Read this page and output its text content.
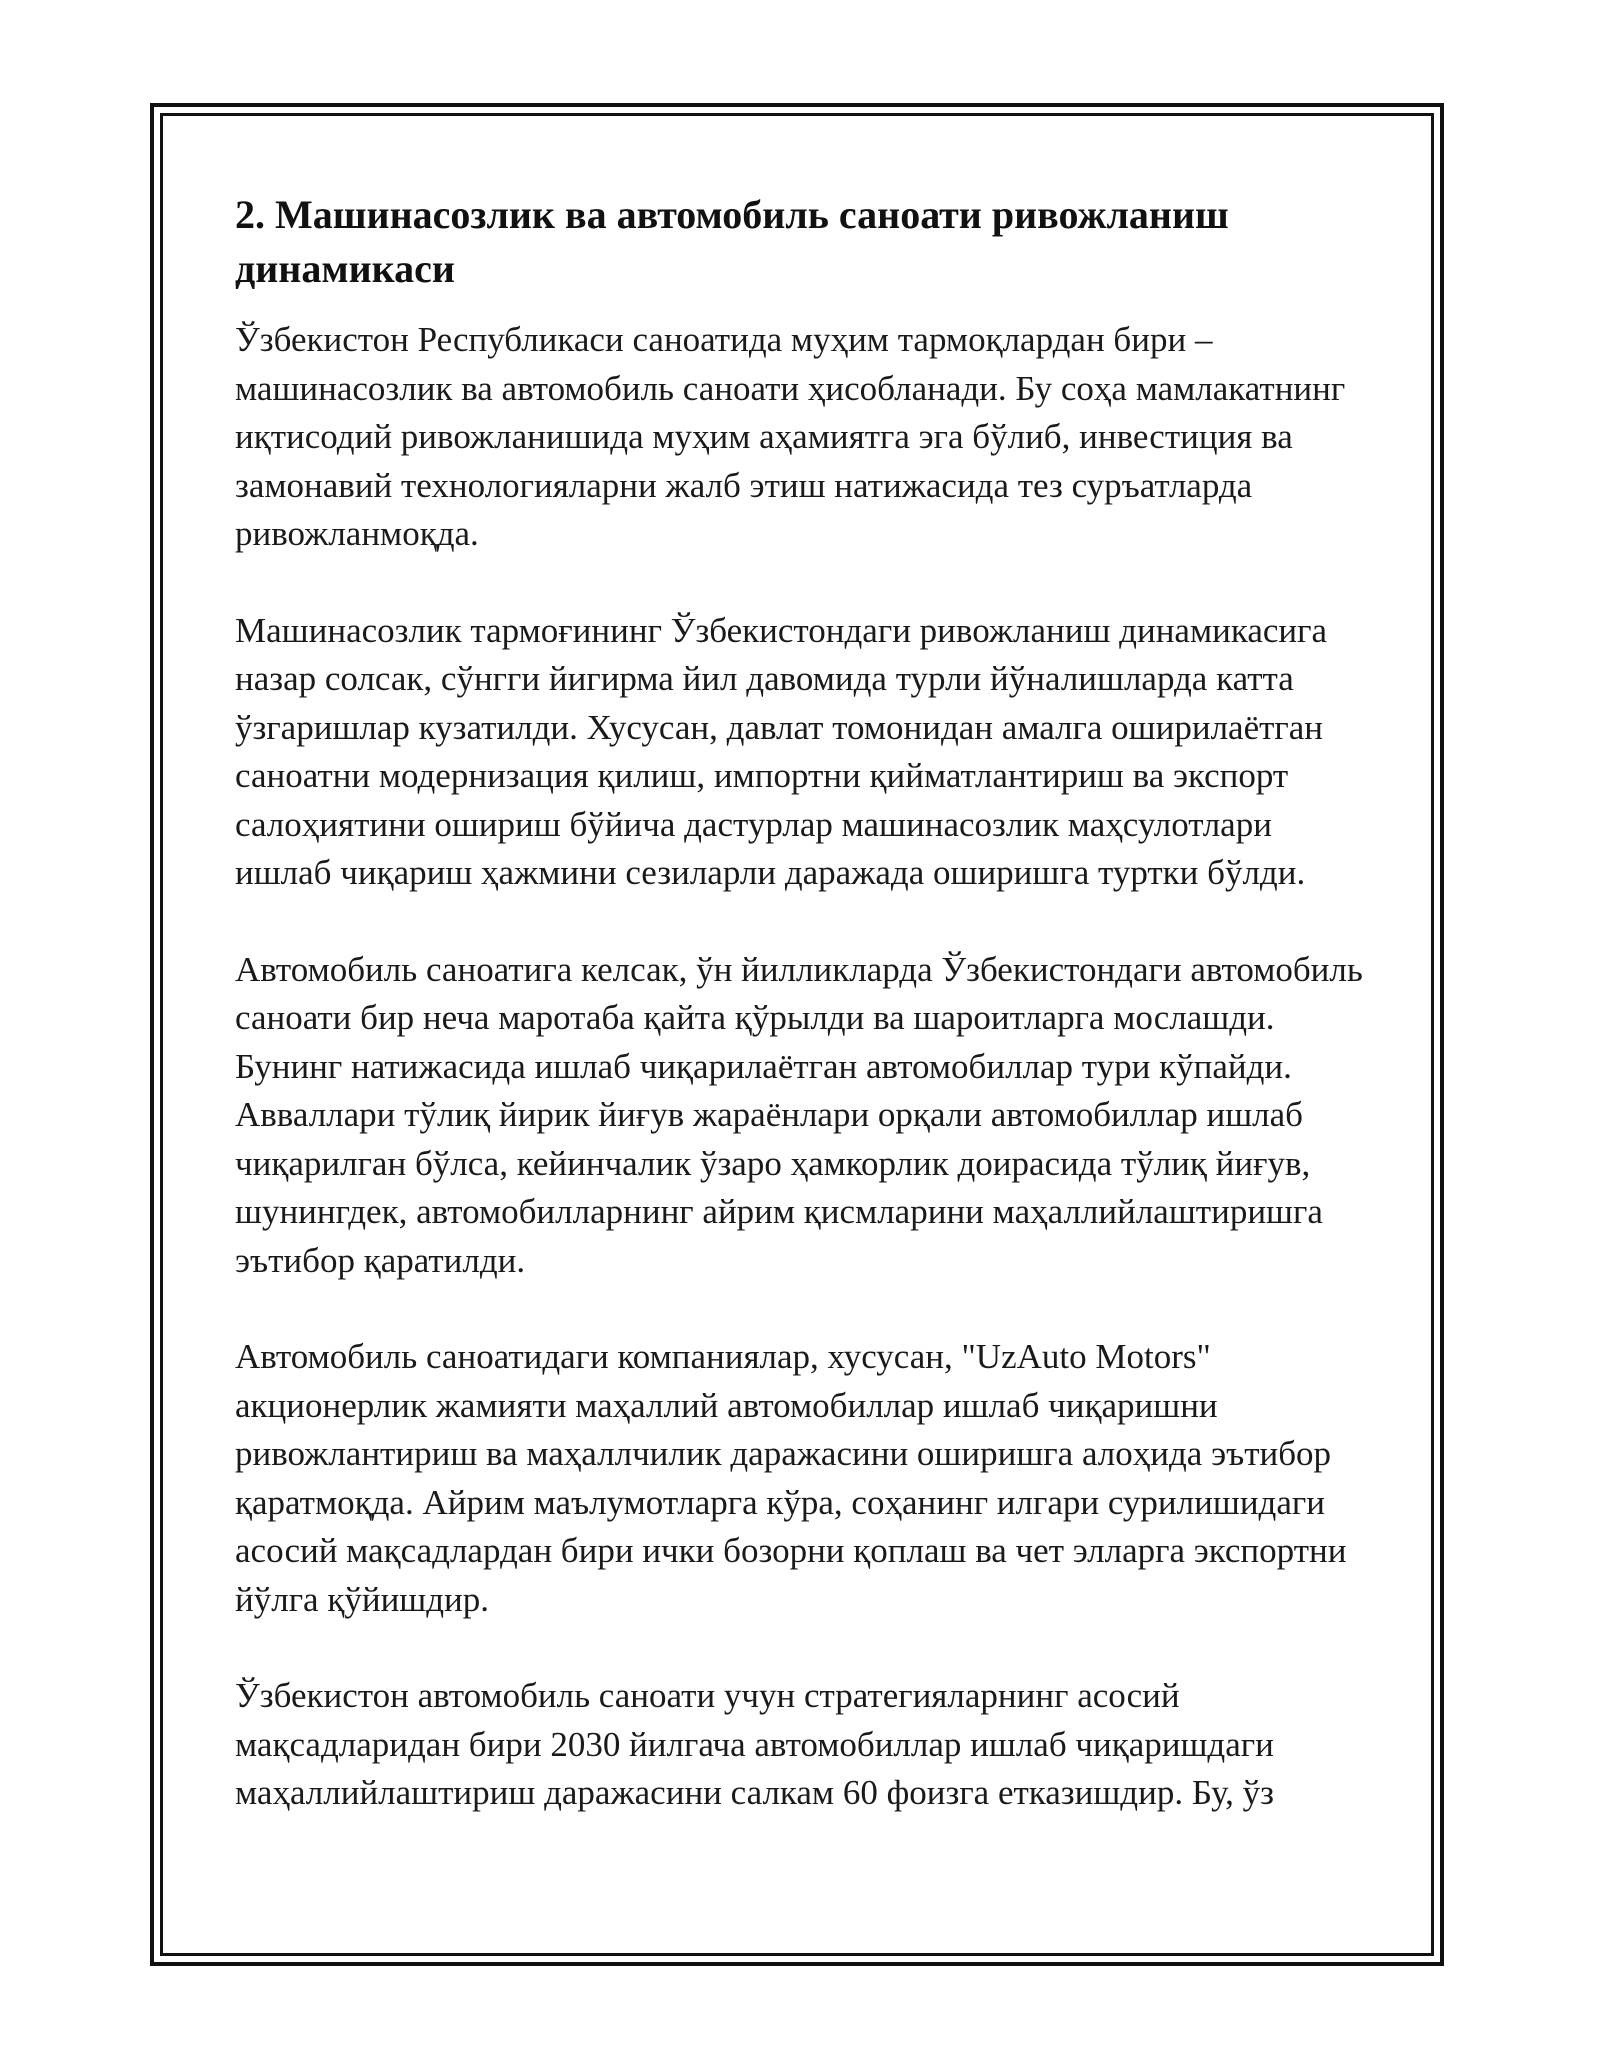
2. Машинасозлик ва автомобиль саноати ривожланиш динамикаси

Ўзбекистон Республикаси саноатида муҳим тармоқлардан бири – машинасозлик ва автомобиль саноати ҳисобланади. Бу соҳа мамлакатнинг иқтисодий ривожланишида муҳим аҳамиятга эга бўлиб, инвестиция ва замонавий технологияларни жалб этиш натижасида тез суръатларда ривожланмоқда.

Машинасозлик тармоғининг Ўзбекистондаги ривожланиш динамикасига назар солсак, сўнгги йигирма йил давомида турли йўналишларда катта ўзгаришлар кузатилди. Хусусан, давлат томонидан амалга оширилаётган саноатни модернизация қилиш, импортни қийматлантириш ва экспорт салоҳиятини ошириш бўйича дастурлар машинасозлик маҳсулотлари ишлаб чиқариш ҳажмини сезиларли даражада оширишга туртки бўлди.

Автомобиль саноатига келсак, ўн йилликларда Ўзбекистондаги автомобиль саноати бир неча маротаба қайта қўрылди ва шароитларга мослашди. Бунинг натижасида ишлаб чиқарилаётган автомобиллар тури кўпайди. Авваллари тўлиқ йирик йиғув жараёнлари орқали автомобиллар ишлаб чиқарилган бўлса, кейинчалик ўзаро ҳамкорлик доирасида тўлиқ йиғув, шунингдек, автомобилларнинг айрим қисмларини маҳаллийлаштиришга эътибор қаратилди.

Автомобиль саноатидаги компаниялар, хусусан, "UzAuto Motors" акционерлик жамияти маҳаллий автомобиллар ишлаб чиқаришни ривожлантириш ва маҳаллчилик даражасини оширишга алоҳида эътибор қаратмоқда. Айрим маълумотларга кўра, соҳанинг илгари сурилишидаги асосий мақсадлардан бири ички бозорни қоплаш ва чет элларга экспортни йўлга қўйишдир.

Ўзбекистон автомобиль саноати учун стратегияларнинг асосий мақсадларидан бири 2030 йилгача автомобиллар ишлаб чиқаришдаги маҳаллийлаштириш даражасини салкам 60 фоизга етказишдир. Бу, ўз
